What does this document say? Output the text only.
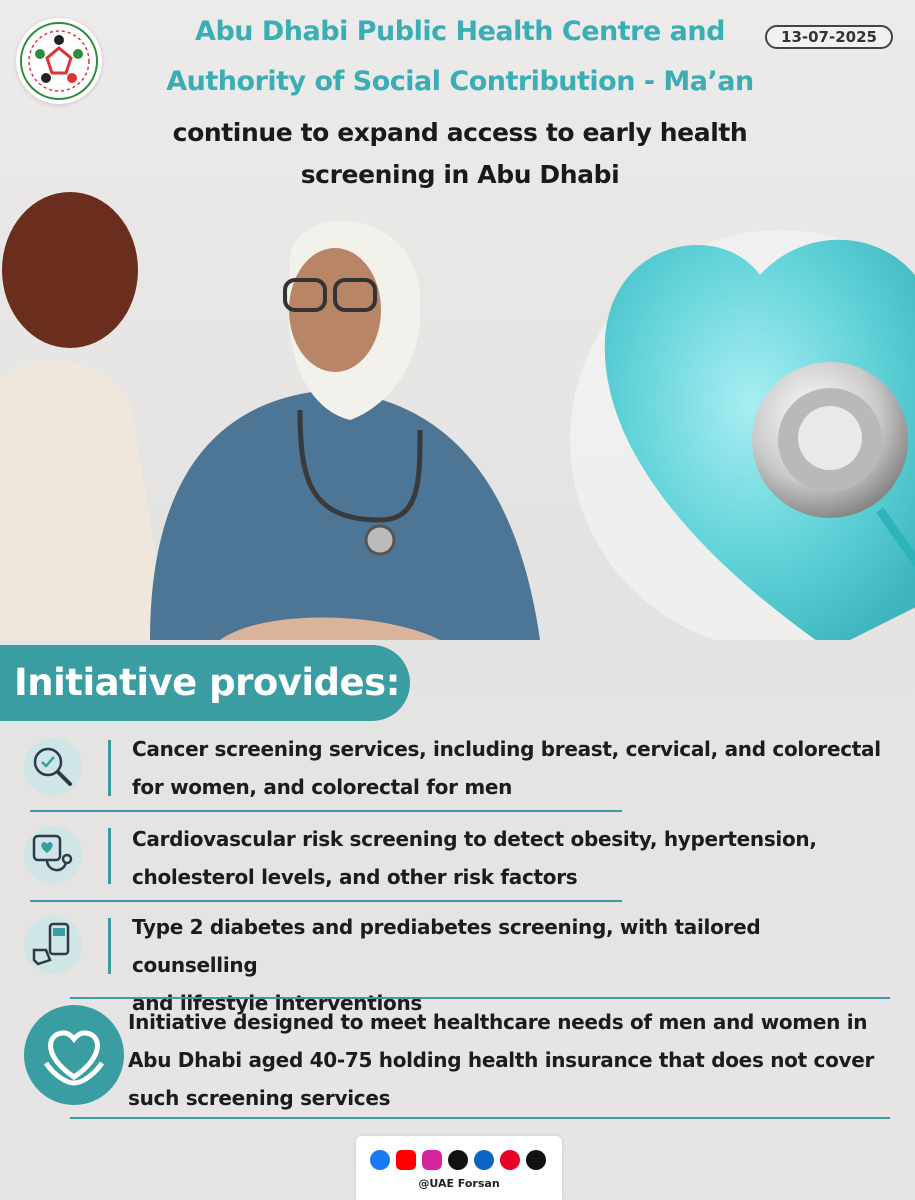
13-07-2025
Abu Dhabi Public Health Centre and
Authority of Social Contribution - Ma’an
continue to expand access to early health
screening in Abu Dhabi
Initiative provides:
Cancer screening services, including breast, cervical, and colorectal
for women, and colorectal for men
Cardiovascular risk screening to detect obesity, hypertension,
cholesterol levels, and other risk factors
Type 2 diabetes and prediabetes screening, with tailored counselling
and lifestyle interventions
Initiative designed to meet healthcare needs of men and women in
Abu Dhabi aged 40-75 holding health insurance that does not cover
such screening services
@UAE Forsan
